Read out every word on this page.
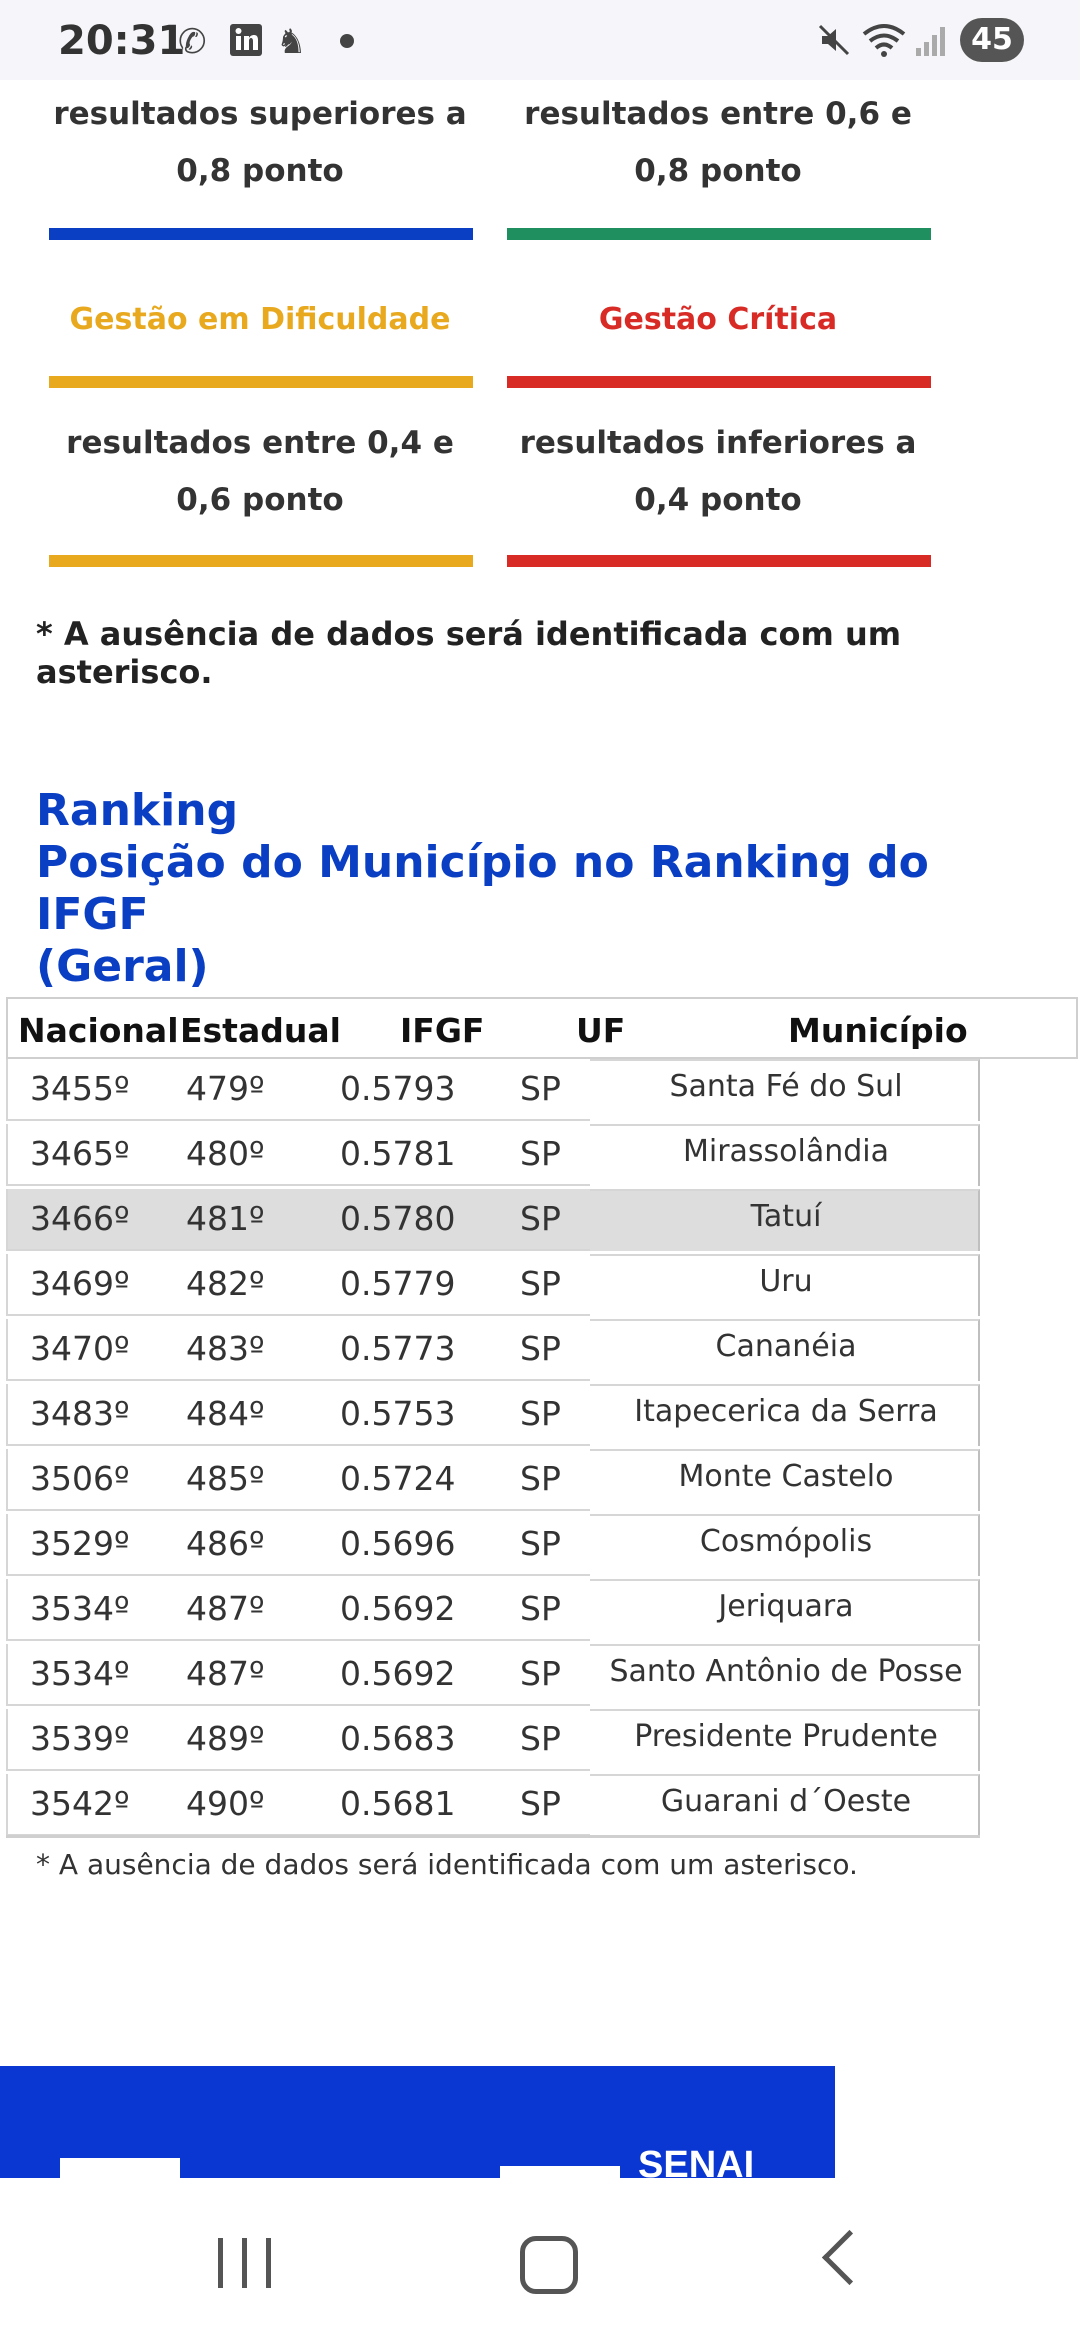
20:31
✆ ♞	45
resultados superiores a 0,8 ponto
resultados entre 0,6 e 0,8 ponto
Gestão em Dificuldade	Gestão Crítica
resultados entre 0,4 e 0,6 ponto
resultados inferiores a 0,4 ponto
* A ausência de dados será identificada com um asterisco.
Ranking
Posição do Município no Ranking do IFGF
(Geral)
Nacional Estadual IFGF	UF	Município
3455º 479º 0.5793 SP	Santa Fé do Sul
3465º 480º 0.5781 SP	Mirassolândia
3466º 481º 0.5780 SP	Tatuí
3469º 482º 0.5779 SP	Uru
3470º 483º 0.5773 SP	Cananéia
3483º 484º 0.5753 SP	Itapecerica da Serra
3506º 485º 0.5724 SP	Monte Castelo
3529º 486º 0.5696 SP	Cosmópolis
3534º 487º 0.5692 SP	Jeriquara
3534º 487º 0.5692 SP	Santo Antônio de Posse
3539º 489º 0.5683 SP	Presidente Prudente
3542º 490º 0.5681 SP	Guarani d´Oeste
* A ausência de dados será identificada com um asterisco.
SENAI
